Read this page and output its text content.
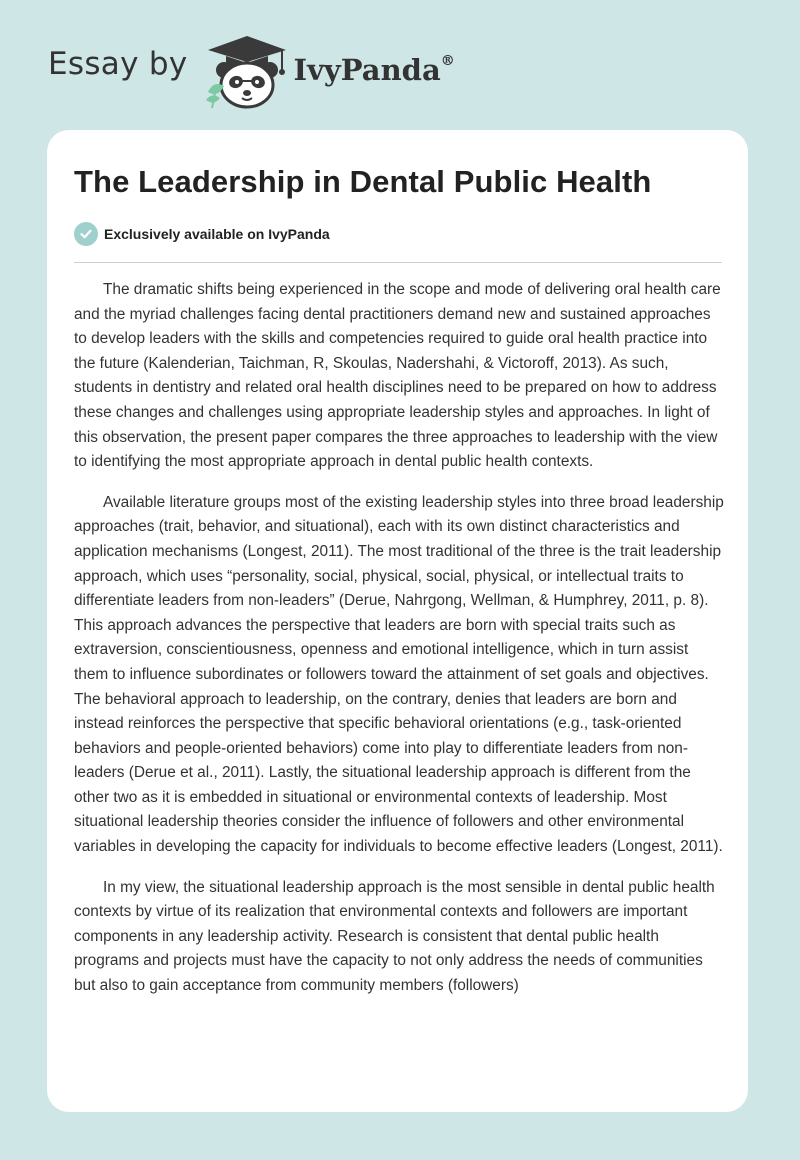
Essay by	IvyPanda®
The Leadership in Dental Public Health
Exclusively available on IvyPanda

The dramatic shifts being experienced in the scope and mode of delivering oral health care and the myriad challenges facing dental practitioners demand new and sustained approaches to develop leaders with the skills and competencies required to guide oral health practice into the future (Kalenderian, Taichman, R, Skoulas, Nadershahi, & Victoroff, 2013). As such, students in dentistry and related oral health disciplines need to be prepared on how to address these changes and challenges using appropriate leadership styles and approaches. In light of this observation, the present paper compares the three approaches to leadership with the view to identifying the most appropriate approach in dental public health contexts.

Available literature groups most of the existing leadership styles into three broad leadership approaches (trait, behavior, and situational), each with its own distinct characteristics and application mechanisms (Longest, 2011). The most traditional of the three is the trait leadership approach, which uses “personality, social, physical, social, physical, or intellectual traits to differentiate leaders from non-leaders” (Derue, Nahrgong, Wellman, & Humphrey, 2011, p. 8). This approach advances the perspective that leaders are born with special traits such as extraversion, conscientiousness, openness and emotional intelligence, which in turn assist them to influence subordinates or followers toward the attainment of set goals and objectives. The behavioral approach to leadership, on the contrary, denies that leaders are born and instead reinforces the perspective that specific behavioral orientations (e.g., task-oriented behaviors and people-oriented behaviors) come into play to differentiate leaders from non-leaders (Derue et al., 2011). Lastly, the situational leadership approach is different from the other two as it is embedded in situational or environmental contexts of leadership. Most situational leadership theories consider the influence of followers and other environmental variables in developing the capacity for individuals to become effective leaders (Longest, 2011).

In my view, the situational leadership approach is the most sensible in dental public health contexts by virtue of its realization that environmental contexts and followers are important components in any leadership activity. Research is consistent that dental public health programs and projects must have the capacity to not only address the needs of communities but also to gain acceptance from community members (followers)
